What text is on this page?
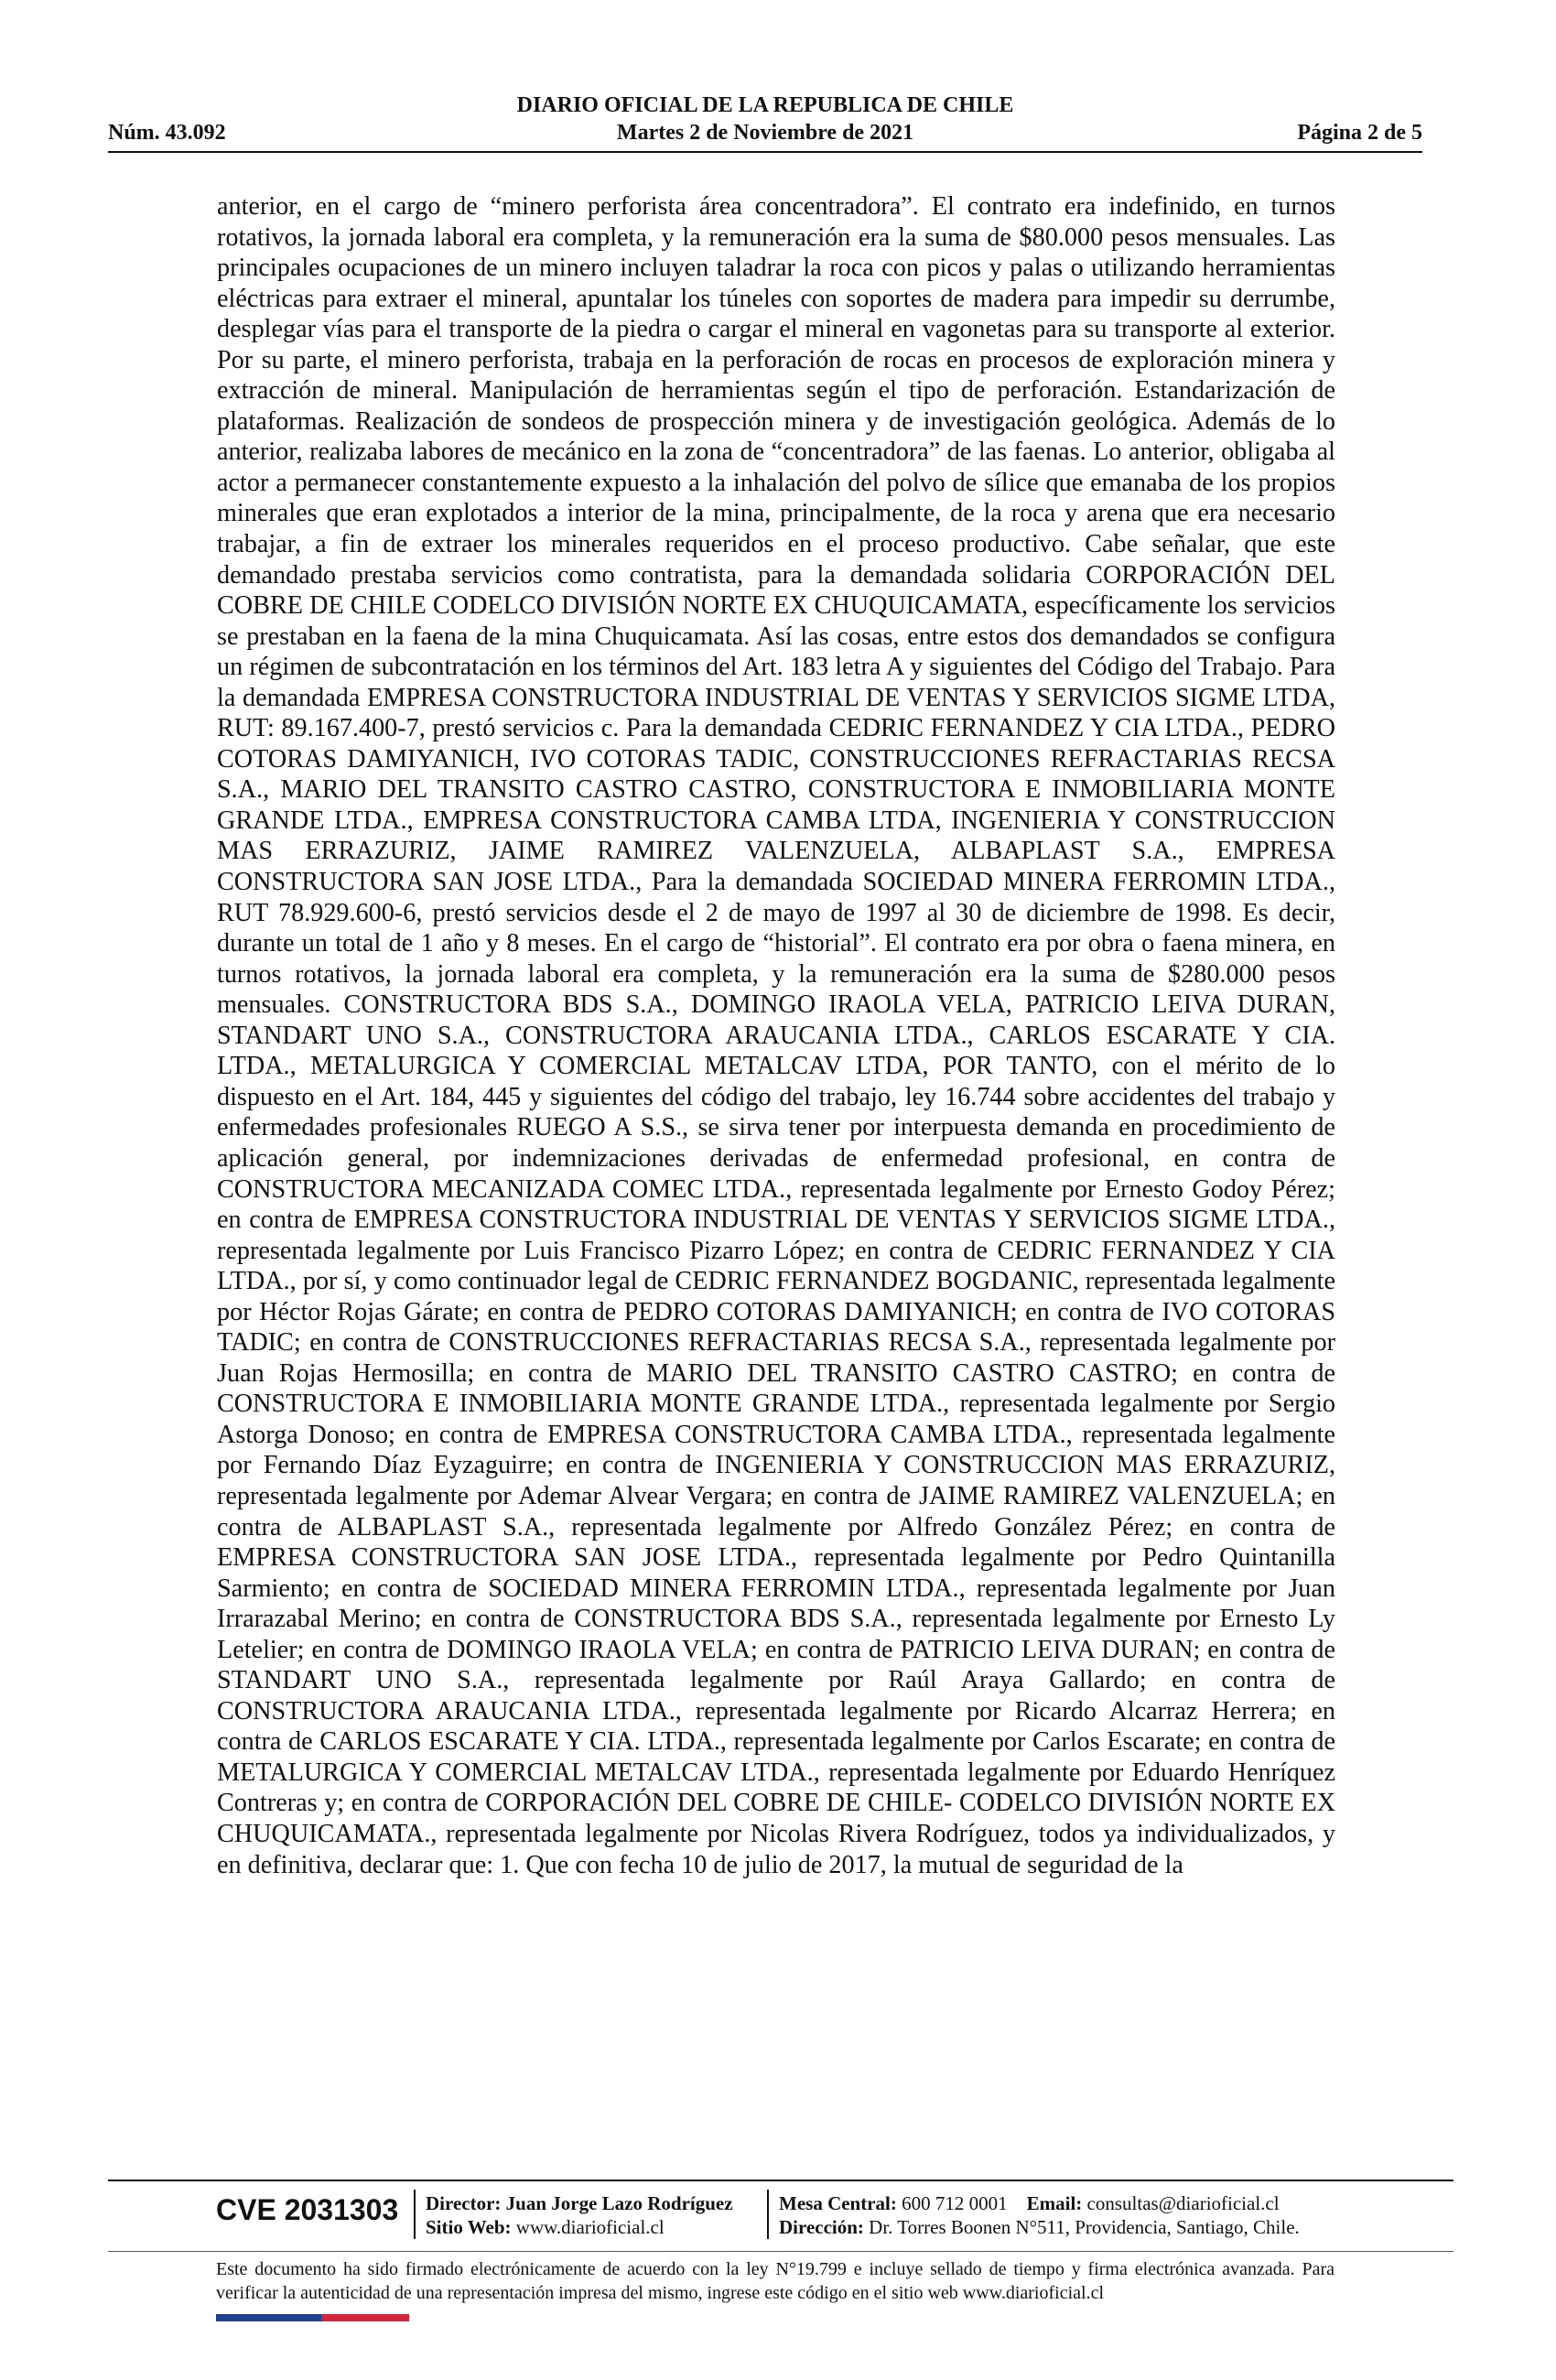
DIARIO OFICIAL DE LA REPUBLICA DE CHILE
Núm. 43.092	Martes 2 de Noviembre de 2021	Página 2 de 5

anterior, en el cargo de “minero perforista área concentradora”. El contrato era indefinido, en turnos rotativos, la jornada laboral era completa, y la remuneración era la suma de $80.000 pesos mensuales. Las principales ocupaciones de un minero incluyen taladrar la roca con picos y palas o utilizando herramientas eléctricas para extraer el mineral, apuntalar los túneles con soportes de madera para impedir su derrumbe, desplegar vías para el transporte de la piedra o cargar el mineral en vagonetas para su transporte al exterior. Por su parte, el minero perforista, trabaja en la perforación de rocas en procesos de exploración minera y extracción de mineral. Manipulación de herramientas según el tipo de perforación. Estandarización de plataformas. Realización de sondeos de prospección minera y de investigación geológica. Además de lo anterior, realizaba labores de mecánico en la zona de “concentradora” de las faenas. Lo anterior, obligaba al actor a permanecer constantemente expuesto a la inhalación del polvo de sílice que emanaba de los propios minerales que eran explotados a interior de la mina, principalmente, de la roca y arena que era necesario trabajar, a fin de extraer los minerales requeridos en el proceso productivo. Cabe señalar, que este demandado prestaba servicios como contratista, para la demandada solidaria CORPORACIÓN DEL COBRE DE CHILE CODELCO DIVISIÓN NORTE EX CHUQUICAMATA, específicamente los servicios se prestaban en la faena de la mina Chuquicamata. Así las cosas, entre estos dos demandados se configura un régimen de subcontratación en los términos del Art. 183 letra A y siguientes del Código del Trabajo. Para la demandada EMPRESA CONSTRUCTORA INDUSTRIAL DE VENTAS Y SERVICIOS SIGME LTDA, RUT: 89.167.400-7, prestó servicios c. Para la demandada CEDRIC FERNANDEZ Y CIA LTDA., PEDRO COTORAS DAMIYANICH, IVO COTORAS TADIC, CONSTRUCCIONES REFRACTARIAS RECSA S.A., MARIO DEL TRANSITO CASTRO CASTRO, CONSTRUCTORA E INMOBILIARIA MONTE GRANDE LTDA., EMPRESA CONSTRUCTORA CAMBA LTDA, INGENIERIA Y CONSTRUCCION MAS ERRAZURIZ, JAIME RAMIREZ VALENZUELA, ALBAPLAST S.A., EMPRESA CONSTRUCTORA SAN JOSE LTDA., Para la demandada SOCIEDAD MINERA FERROMIN LTDA., RUT 78.929.600-6, prestó servicios desde el 2 de mayo de 1997 al 30 de diciembre de 1998. Es decir, durante un total de 1 año y 8 meses. En el cargo de “historial”. El contrato era por obra o faena minera, en turnos rotativos, la jornada laboral era completa, y la remuneración era la suma de $280.000 pesos mensuales. CONSTRUCTORA BDS S.A., DOMINGO IRAOLA VELA, PATRICIO LEIVA DURAN, STANDART UNO S.A., CONSTRUCTORA ARAUCANIA LTDA., CARLOS ESCARATE Y CIA. LTDA., METALURGICA Y COMERCIAL METALCAV LTDA, POR TANTO, con el mérito de lo dispuesto en el Art. 184, 445 y siguientes del código del trabajo, ley 16.744 sobre accidentes del trabajo y enfermedades profesionales RUEGO A S.S., se sirva tener por interpuesta demanda en procedimiento de aplicación general, por indemnizaciones derivadas de enfermedad profesional, en contra de CONSTRUCTORA MECANIZADA COMEC LTDA., representada legalmente por Ernesto Godoy Pérez; en contra de EMPRESA CONSTRUCTORA INDUSTRIAL DE VENTAS Y SERVICIOS SIGME LTDA., representada legalmente por Luis Francisco Pizarro López; en contra de CEDRIC FERNANDEZ Y CIA LTDA., por sí, y como continuador legal de CEDRIC FERNANDEZ BOGDANIC, representada legalmente por Héctor Rojas Gárate; en contra de PEDRO COTORAS DAMIYANICH; en contra de IVO COTORAS TADIC; en contra de CONSTRUCCIONES REFRACTARIAS RECSA S.A., representada legalmente por Juan Rojas Hermosilla; en contra de MARIO DEL TRANSITO CASTRO CASTRO; en contra de CONSTRUCTORA E INMOBILIARIA MONTE GRANDE LTDA., representada legalmente por Sergio Astorga Donoso; en contra de EMPRESA CONSTRUCTORA CAMBA LTDA., representada legalmente por Fernando Díaz Eyzaguirre; en contra de INGENIERIA Y CONSTRUCCION MAS ERRAZURIZ, representada legalmente por Ademar Alvear Vergara; en contra de JAIME RAMIREZ VALENZUELA; en contra de ALBAPLAST S.A., representada legalmente por Alfredo González Pérez; en contra de EMPRESA CONSTRUCTORA SAN JOSE LTDA., representada legalmente por Pedro Quintanilla Sarmiento; en contra de SOCIEDAD MINERA FERROMIN LTDA., representada legalmente por Juan Irrarazabal Merino; en contra de CONSTRUCTORA BDS S.A., representada legalmente por Ernesto Ly Letelier; en contra de DOMINGO IRAOLA VELA; en contra de PATRICIO LEIVA DURAN; en contra de STANDART UNO S.A., representada legalmente por Raúl Araya Gallardo; en contra de CONSTRUCTORA ARAUCANIA LTDA., representada legalmente por Ricardo Alcarraz Herrera; en contra de CARLOS ESCARATE Y CIA. LTDA., representada legalmente por Carlos Escarate; en contra de METALURGICA Y COMERCIAL METALCAV LTDA., representada legalmente por Eduardo Henríquez Contreras y; en contra de CORPORACIÓN DEL COBRE DE CHILE- CODELCO DIVISIÓN NORTE EX CHUQUICAMATA., representada legalmente por Nicolas Rivera Rodríguez, todos ya individualizados, y en definitiva, declarar que: 1. Que con fecha 10 de julio de 2017, la mutual de seguridad de la

CVE 2031303 Director: Juan Jorge Lazo Rodríguez
Sitio Web: www.diarioficial.cl
Mesa Central: 600 712 0001 Email: consultas@diarioficial.cl
Dirección: Dr. Torres Boonen N°511, Providencia, Santiago, Chile.
Este documento ha sido firmado electrónicamente de acuerdo con la ley N°19.799 e incluye sellado de tiempo y firma electrónica avanzada. Para verificar la autenticidad de una representación impresa del mismo, ingrese este código en el sitio web www.diarioficial.cl
